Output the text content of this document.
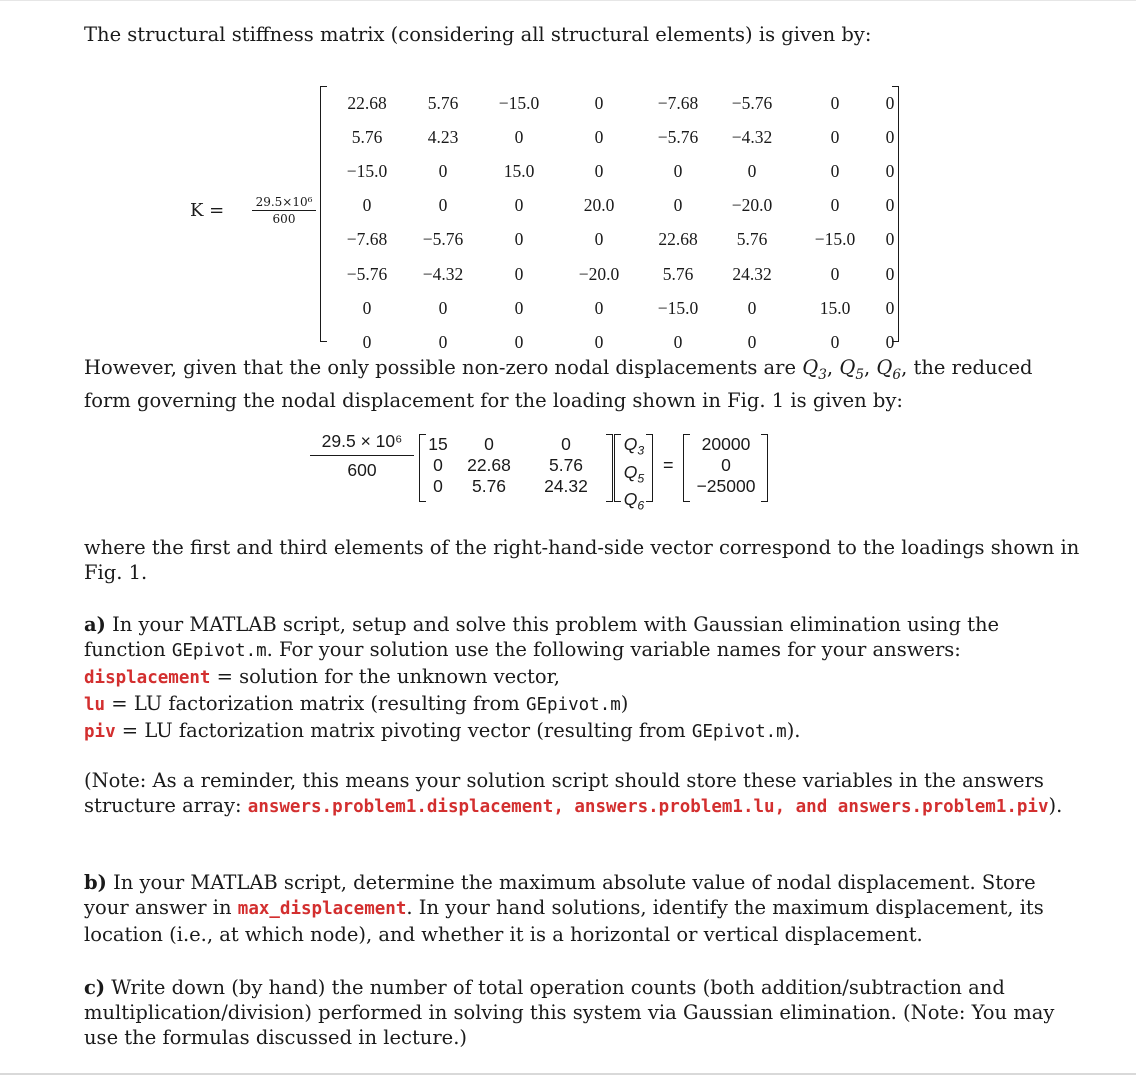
The structural stiffness matrix (considering all structural elements) is given by:

$K = \frac{\text{29.5×10⁶}}{600}$
22.68	5.76	−15.0	0	−7.68	−5.76	0	0
5.76	4.23	0	0	−5.76	−4.32	0	0
−15.0	0	15.0	0	0	0	0	0
0	0	0	20.0	0	−20.0	0	0
−7.68	−5.76	0	0	22.68	5.76	−15.0	0
−5.76	−4.32	0	−20.0	5.76	24.32	0	0
0	0	0	0	−15.0	0	15.0	0
0	0	0	0	0	0	0	0

However, given that the only possible non-zero nodal displacements are $Q_3$, $Q_5$, $Q_6$, the reduced form governing the nodal displacement for the loading shown in Fig. 1 is given by:

$\frac{\text{29.5 × 10⁶}}{600} 15$	0	0
0	22.68	5.76
0	5.76	24.32
$Q_3$
$Q_5$
$Q_6$
=
20000
0
−25000

where the first and third elements of the right-hand-side vector correspond to the loadings shown in Fig. 1.

a) In your MATLAB script, setup and solve this problem with Gaussian elimination using the function GEpivot.m. For your solution use the following variable names for your answers:
displacement = solution for the unknown vector,
lu = LU factorization matrix (resulting from GEpivot.m)
piv = LU factorization matrix pivoting vector (resulting from GEpivot.m).

(Note: As a reminder, this means your solution script should store these variables in the answers structure array: answers.problem1.displacement, answers.problem1.lu, and answers.problem1.piv).

b) In your MATLAB script, determine the maximum absolute value of nodal displacement. Store your answer in max_displacement. In your hand solutions, identify the maximum displacement, its location (i.e., at which node), and whether it is a horizontal or vertical displacement.

c) Write down (by hand) the number of total operation counts (both addition/subtraction and multiplication/division) performed in solving this system via Gaussian elimination. (Note: You may use the formulas discussed in lecture.)
